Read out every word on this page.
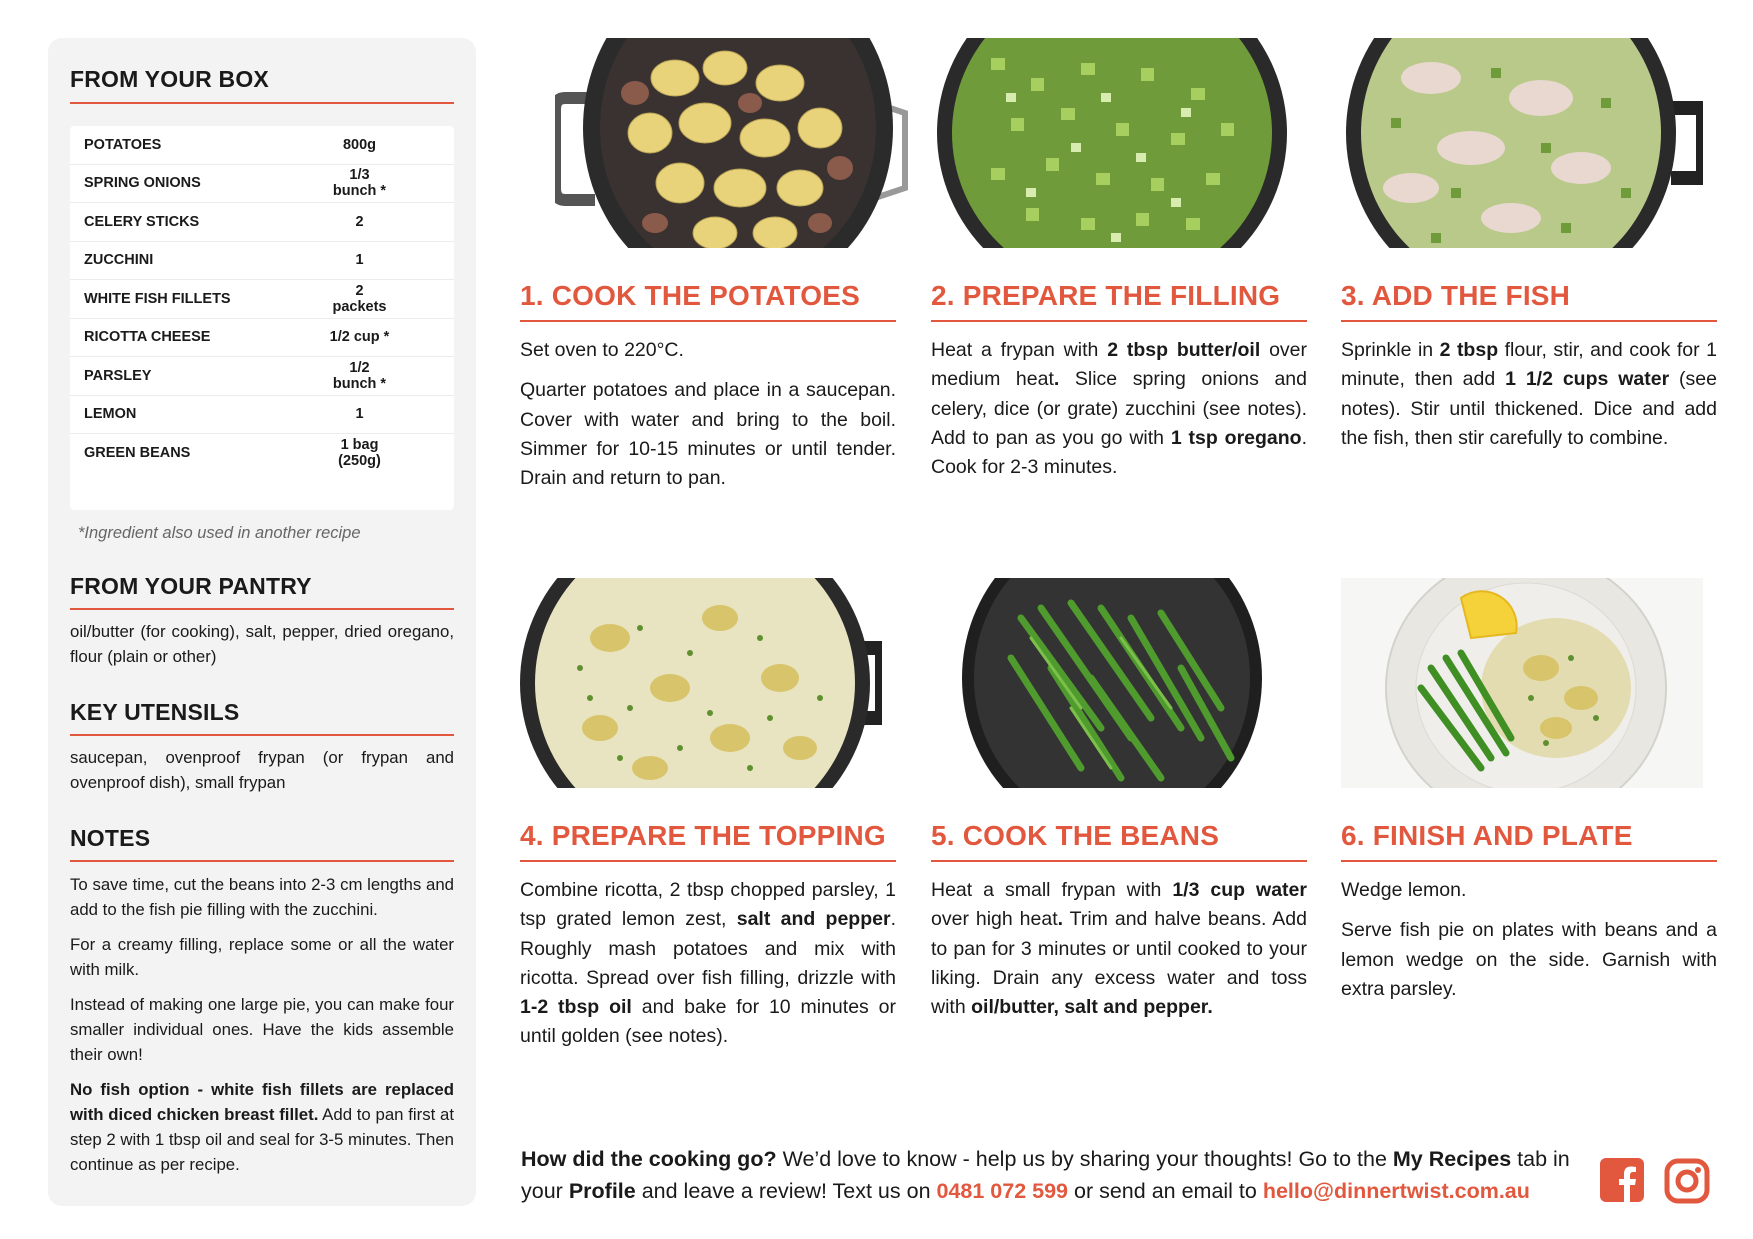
FROM YOUR BOX
POTATOES	800g
SPRING ONIONS	1/3 bunch *
CELERY STICKS	2
ZUCCHINI	1
WHITE FISH FILLETS	2 packets
RICOTTA CHEESE	1/2 cup *
PARSLEY	1/2 bunch *
LEMON	1
GREEN BEANS	1 bag (250g)
*Ingredient also used in another recipe
FROM YOUR PANTRY
oil/butter (for cooking), salt, pepper, dried oregano, flour (plain or other)
KEY UTENSILS
saucepan, ovenproof frypan (or frypan and ovenproof dish), small frypan
NOTES

To save time, cut the beans into 2-3 cm lengths and add to the fish pie filling with the zucchini.

For a creamy filling, replace some or all the water with milk.

Instead of making one large pie, you can make four smaller individual ones. Have the kids assemble their own!

No fish option - white fish fillets are replaced with diced chicken breast fillet. Add to pan first at step 2 with 1 tbsp oil and seal for 3-5 minutes. Then continue as per recipe.

1. COOK THE POTATOES

Set oven to 220°C.

Quarter potatoes and place in a saucepan. Cover with water and bring to the boil. Simmer for 10-15 minutes or until tender. Drain and return to pan.

2. PREPARE THE FILLING

Heat a frypan with 2 tbsp butter/oil over medium heat. Slice spring onions and celery, dice (or grate) zucchini (see notes). Add to pan as you go with 1 tsp oregano. Cook for 2-3 minutes.

3. ADD THE FISH

Sprinkle in 2 tbsp flour, stir, and cook for 1 minute, then add 1 1/2 cups water (see notes). Stir until thickened. Dice and add the fish, then stir carefully to combine.

4. PREPARE THE TOPPING

Combine ricotta, 2 tbsp chopped parsley, 1 tsp grated lemon zest, salt and pepper. Roughly mash potatoes and mix with ricotta. Spread over fish filling, drizzle with 1-2 tbsp oil and bake for 10 minutes or until golden (see notes).

5. COOK THE BEANS

Heat a small frypan with 1/3 cup water over high heat. Trim and halve beans. Add to pan for 3 minutes or until cooked to your liking. Drain any excess water and toss with oil/butter, salt and pepper.

6. FINISH AND PLATE

Wedge lemon.

Serve fish pie on plates with beans and a lemon wedge on the side. Garnish with extra parsley.

How did the cooking go? We’d love to know - help us by sharing your thoughts! Go to the My Recipes tab in your Profile and leave a review! Text us on 0481 072 599 or send an email to hello@dinnertwist.com.au
